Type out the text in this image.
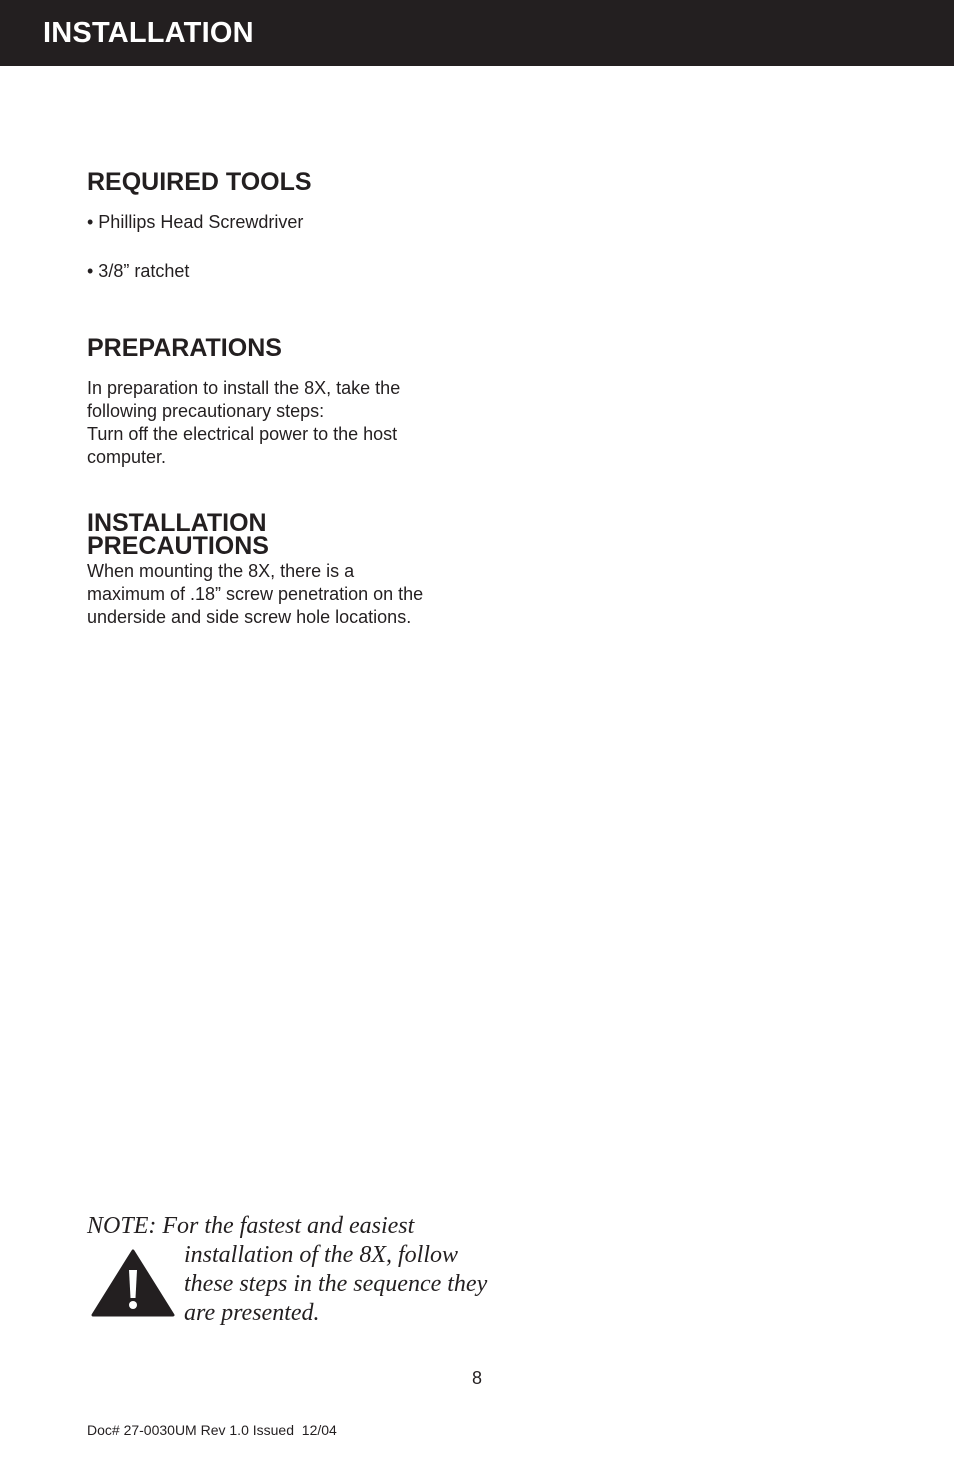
INSTALLATION
REQUIRED TOOLS
• Phillips Head Screwdriver
• 3/8” ratchet
PREPARATIONS
In preparation to install the 8X, take the
following precautionary steps:
Turn off the electrical power to the host
computer.
INSTALLATION
PRECAUTIONS
When mounting the 8X, there is a
maximum of .18” screw penetration on the
underside and side screw hole locations.
NOTE: For the fastest and easiest
installation of the 8X, follow
these steps in the sequence they
are presented.
8
Doc# 27-0030UM Rev 1.0 Issued  12/04
